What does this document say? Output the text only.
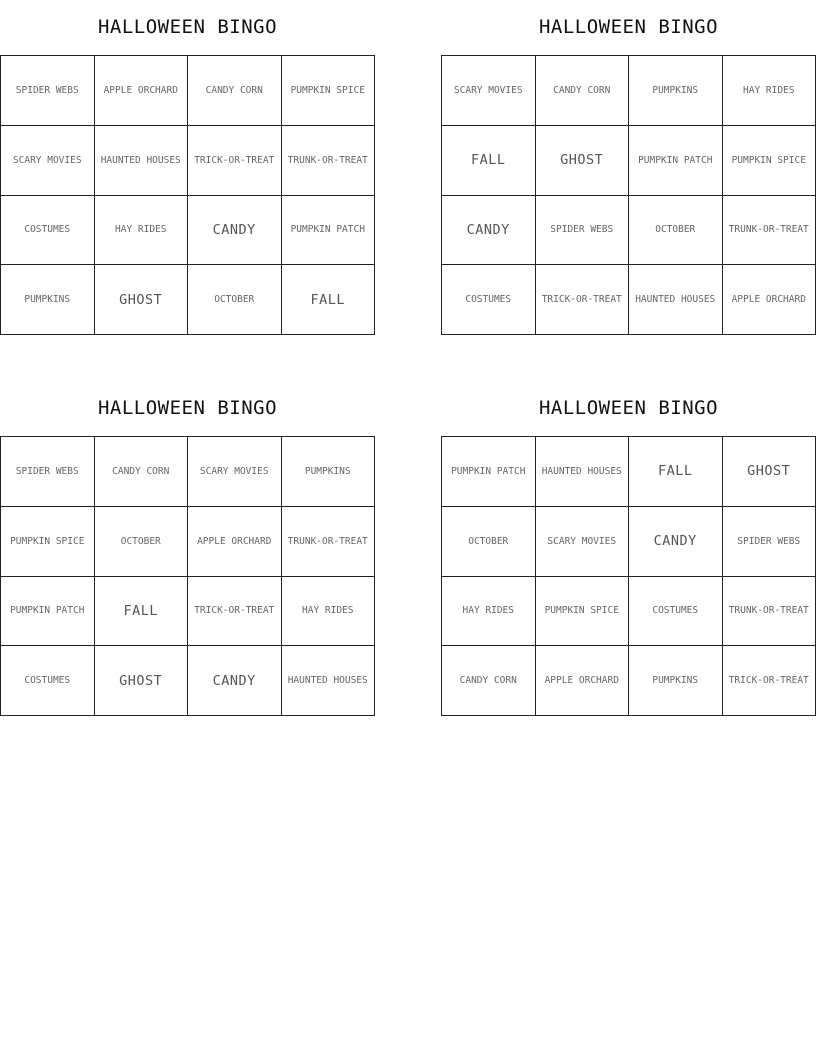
HALLOWEEN BINGO
SPIDER WEBS	APPLE ORCHARD	CANDY CORN	PUMPKIN SPICE
SCARY MOVIES	HAUNTED HOUSES	TRICK-OR-TREAT	TRUNK-OR-TREAT
COSTUMES	HAY RIDES	CANDY	PUMPKIN PATCH
PUMPKINS	GHOST	OCTOBER	FALL
HALLOWEEN BINGO
SCARY MOVIES	CANDY CORN	PUMPKINS	HAY RIDES
FALL	GHOST	PUMPKIN PATCH	PUMPKIN SPICE
CANDY	SPIDER WEBS	OCTOBER	TRUNK-OR-TREAT
COSTUMES	TRICK-OR-TREAT	HAUNTED HOUSES	APPLE ORCHARD
HALLOWEEN BINGO
SPIDER WEBS	CANDY CORN	SCARY MOVIES	PUMPKINS
PUMPKIN SPICE	OCTOBER	APPLE ORCHARD	TRUNK-OR-TREAT
PUMPKIN PATCH	FALL	TRICK-OR-TREAT	HAY RIDES
COSTUMES	GHOST	CANDY	HAUNTED HOUSES
HALLOWEEN BINGO
PUMPKIN PATCH	HAUNTED HOUSES	FALL	GHOST
OCTOBER	SCARY MOVIES	CANDY	SPIDER WEBS
HAY RIDES	PUMPKIN SPICE	COSTUMES	TRUNK-OR-TREAT
CANDY CORN	APPLE ORCHARD	PUMPKINS	TRICK-OR-TREAT
